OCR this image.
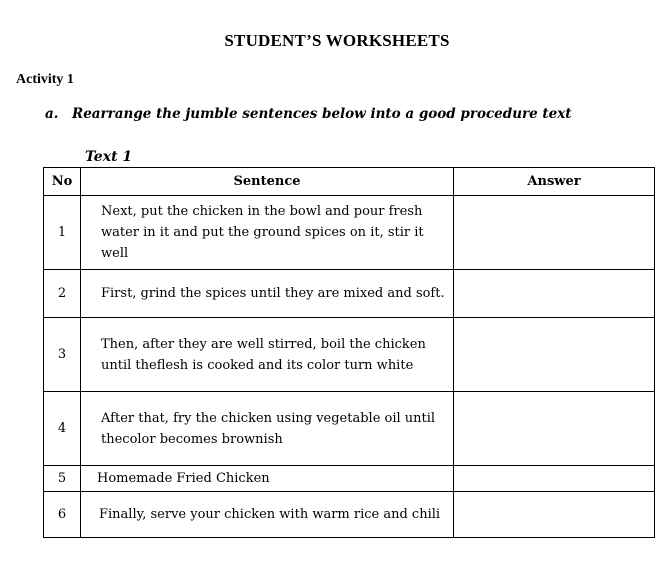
STUDENT’S WORKSHEETS
Activity 1
a. Rearrange the jumble sentences below into a good procedure text
Text 1
No	Sentence	Answer
1	Next, put the chicken in the bowl and pour fresh water in it and put the ground spices on it, stir it well	
2	First, grind the spices until they are mixed and soft.	
3	Then, after they are well stirred, boil the chicken until theflesh is cooked and its color turn white	
4	After that, fry the chicken using vegetable oil until thecolor becomes brownish	
5	Homemade Fried Chicken	
6	Finally, serve your chicken with warm rice and chili	
